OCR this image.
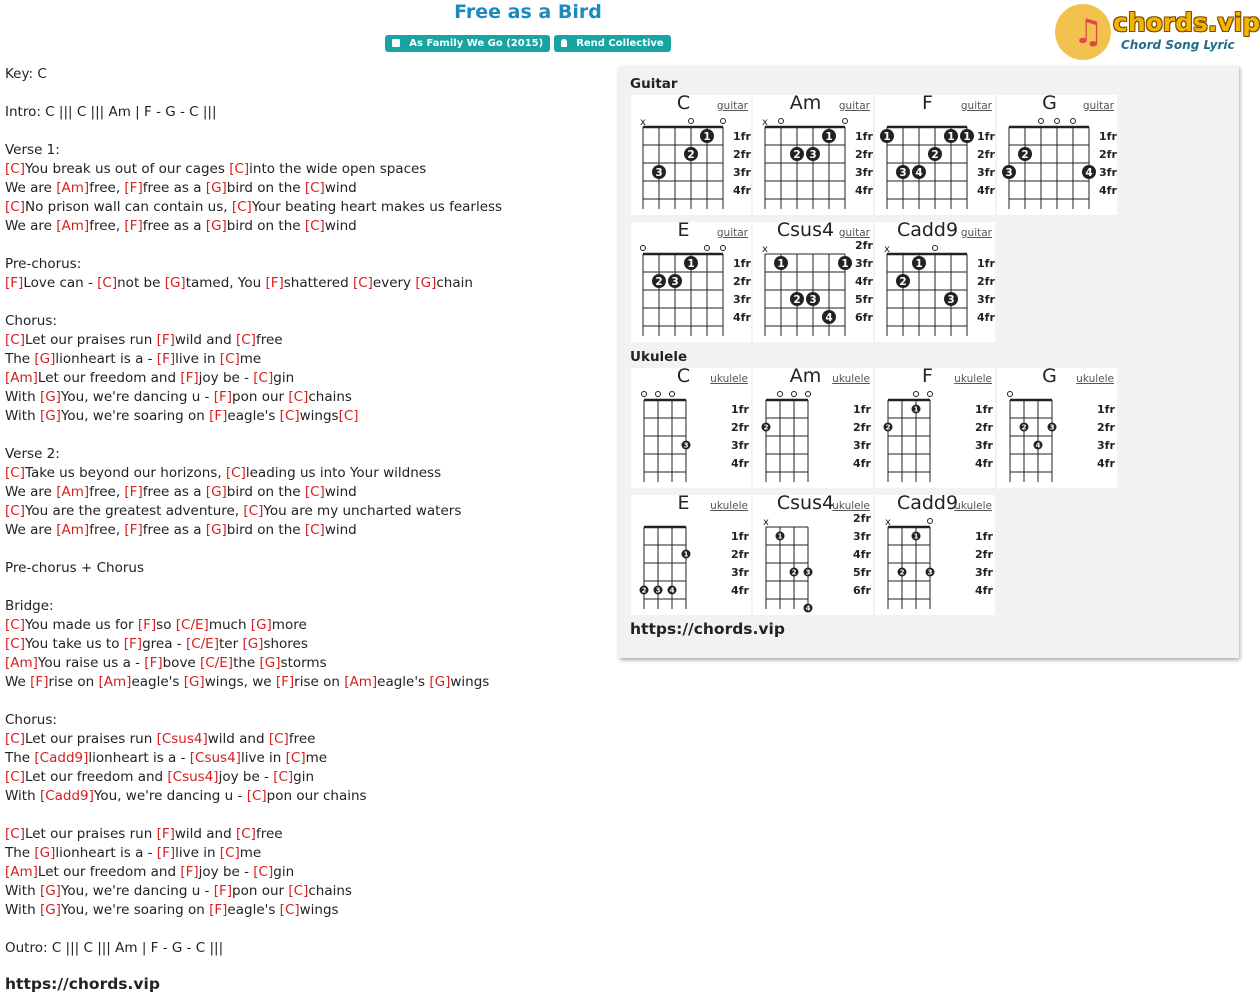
Free as a Bird
As Family We Go (2015)	Rend Collective	♫ chords.vip
Chord Song Lyric
Key: C
Intro: C ||| C ||| Am | F - G - C |||
Verse 1:
[C]You break us out of our cages [C]into the wide open spaces
We are [Am]free, [F]free as a [G]bird on the [C]wind
[C]No prison wall can contain us, [C]Your beating heart makes us fearless
We are [Am]free, [F]free as a [G]bird on the [C]wind
Pre-chorus:
[F]Love can - [C]not be [G]tamed, You [F]shattered [C]every [G]chain
Chorus:
[C]Let our praises run [F]wild and [C]free
The [G]lionheart is a - [F]live in [C]me
[Am]Let our freedom and [F]joy be - [C]gin
With [G]You, we're dancing u - [F]pon our [C]chains
With [G]You, we're soaring on [F]eagle's [C]wings[C]
Verse 2:
[C]Take us beyond our horizons, [C]leading us into Your wildness
We are [Am]free, [F]free as a [G]bird on the [C]wind
[C]You are the greatest adventure, [C]You are my uncharted waters
We are [Am]free, [F]free as a [G]bird on the [C]wind
Pre-chorus + Chorus
Bridge:
[C]You made us for [F]so [C/E]much [G]more
[C]You take us to [F]grea - [C/E]ter [G]shores
[Am]You raise us a - [F]bove [C/E]the [G]storms
We [F]rise on [Am]eagle's [G]wings, we [F]rise on [Am]eagle's [G]wings
Chorus:
[C]Let our praises run [Csus4]wild and [C]free
The [Cadd9]lionheart is a - [Csus4]live in [C]me
[C]Let our freedom and [Csus4]joy be - [C]gin
With [Cadd9]You, we're dancing u - [C]pon our chains
[C]Let our praises run [F]wild and [C]free
The [G]lionheart is a - [F]live in [C]me
[Am]Let our freedom and [F]joy be - [C]gin
With [G]You, we're dancing u - [F]pon our [C]chains
With [G]You, we're soaring on [F]eagle's [C]wings
Outro: C ||| C ||| Am | F - G - C |||
https://chords.vip
Guitar
C	guitar
1fr
2fr
3fr
4fr
x
1
2
3
Am	guitar
1fr
2fr
3fr
4fr
x
1
2 3
F	guitar
1fr
2fr
3fr
4fr
1	1 1
2
3 4
G	guitar
1fr
2fr
3fr
4fr
2
3	4
E	guitar
1fr
2fr
3fr
4fr
1
2 3
Csus4 guitar
2fr
3fr
4fr
5fr
6fr
x
1	1
2 3
4
Cadd9 guitar
1fr
2fr
3fr
4fr
x
1
2
3
Ukulele
C	ukulele
1fr
2fr
3fr
4fr
3
Am	ukulele
1fr
2fr
3fr
4fr
2
F	ukulele
1fr
2fr
3fr
4fr
1
2
G	ukulele
1fr
2fr
3fr
4fr
2	3
4
E	ukulele
1fr
2fr
3fr
4fr
1
2 3 4
Csus4
ukulele
2fr
3fr
4fr
5fr
6fr
x
1
2 3
4
Cadd9
ukulele
1fr
2fr
3fr
4fr
x
1
2	3
https://chords.vip
